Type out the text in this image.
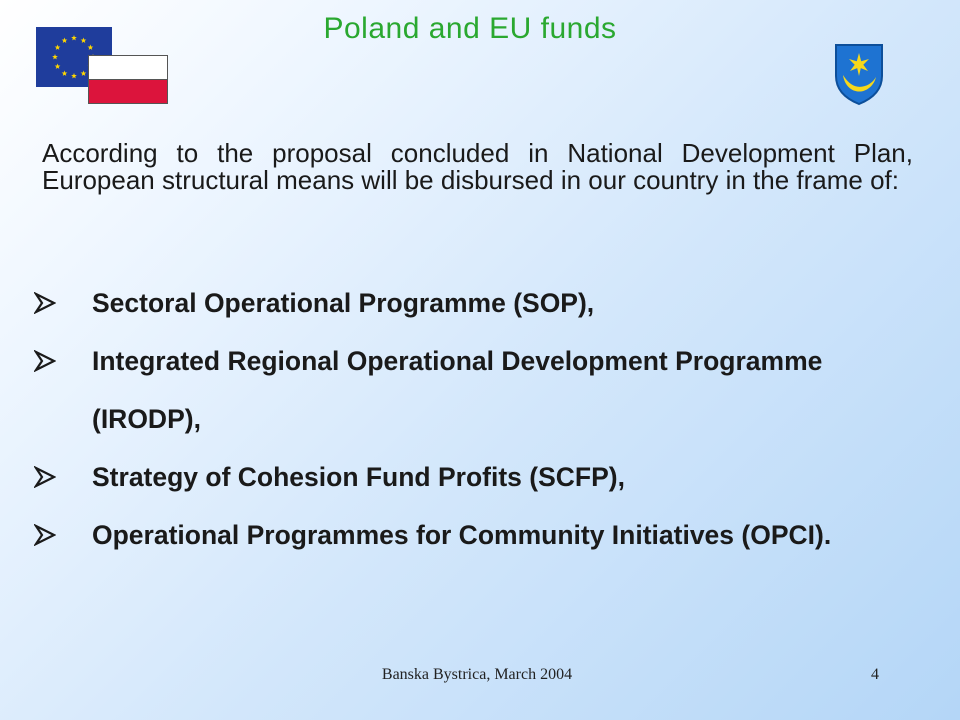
Poland and EU funds
According to the proposal concluded in National Development Plan, European structural means will be disbursed in our country in the frame of:
Sectoral Operational Programme (SOP),
Integrated Regional Operational Development Programme (IRODP),
Strategy of Cohesion Fund Profits (SCFP),
Operational Programmes for Community Initiatives (OPCI).
Banska Bystrica, March 2004	4
